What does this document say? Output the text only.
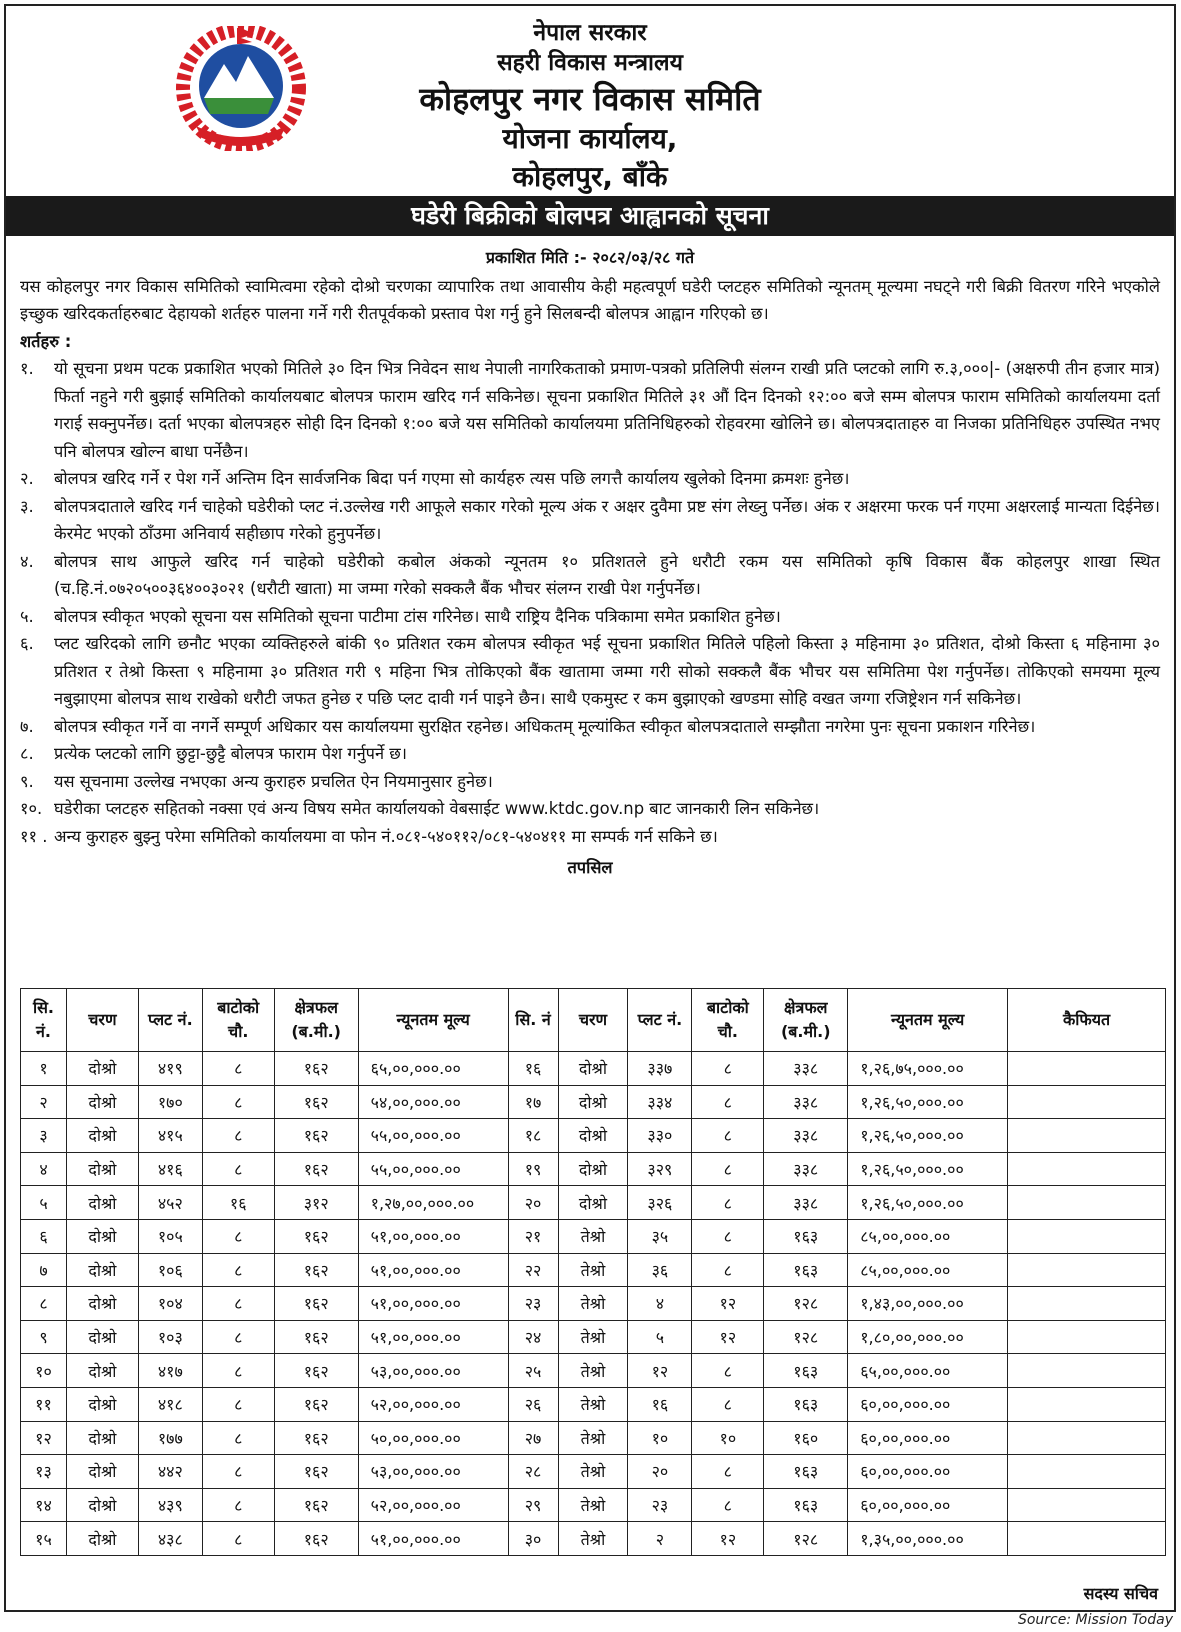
नेपाल सरकार
सहरी विकास मन्त्रालय
कोहलपुर नगर विकास समिति
योजना कार्यालय,
कोहलपुर, बाँके
घडेरी बिक्रीको बोलपत्र आह्वानको सूचना
प्रकाशित मिति :- २०८२/०३/२८ गते
यस कोहलपुर नगर विकास समितिको स्वामित्वमा रहेको दोश्रो चरणका व्यापारिक तथा आवासीय केही महत्वपूर्ण घडेरी प्लटहरु समितिको न्यूनतम् मूल्यमा नघट्ने गरी बिक्री वितरण गरिने भएकोले इच्छुक खरिदकर्ताहरुबाट देहायको शर्तहरु पालना गर्ने गरी रीतपूर्वकको प्रस्ताव पेश गर्नु हुने सिलबन्दी बोलपत्र आह्वान गरिएको छ।
शर्तहरु :
१.	यो सूचना प्रथम पटक प्रकाशित भएको मितिले ३० दिन भित्र निवेदन साथ नेपाली नागरिकताको प्रमाण-पत्रको प्रतिलिपी संलग्न राखी प्रति प्लटको लागि रु.३,०००|- (अक्षरुपी तीन हजार मात्र) फिर्ता नहुने गरी बुझाई समितिको कार्यालयबाट बोलपत्र फाराम खरिद गर्न सकिनेछ। सूचना प्रकाशित मितिले ३१ औं दिन दिनको १२:०० बजे सम्म बोलपत्र फाराम समितिको कार्यालयमा दर्ता गराई सक्नुपर्नेछ। दर्ता भएका बोलपत्रहरु सोही दिन दिनको १:०० बजे यस समितिको कार्यालयमा प्रतिनिधिहरुको रोहवरमा खोलिने छ। बोलपत्रदाताहरु वा निजका प्रतिनिधिहरु उपस्थित नभए पनि बोलपत्र खोल्न बाधा पर्नेछैन।
२.	बोलपत्र खरिद गर्ने र पेश गर्ने अन्तिम दिन सार्वजनिक बिदा पर्न गएमा सो कार्यहरु त्यस पछि लगत्तै कार्यालय खुलेको दिनमा क्रमशः हुनेछ।
३.	बोलपत्रदाताले खरिद गर्न चाहेको घडेरीको प्लट नं.उल्लेख गरी आफूले सकार गरेको मूल्य अंक र अक्षर दुवैमा प्रष्ट संग लेख्नु पर्नेछ। अंक र अक्षरमा फरक पर्न गएमा अक्षरलाई मान्यता दिईनेछ। केरमेट भएको ठाँउमा अनिवार्य सहीछाप गरेको हुनुपर्नेछ।
४.	बोलपत्र साथ आफुले खरिद गर्न चाहेको घडेरीको कबोल अंकको न्यूनतम १० प्रतिशतले हुने धरौटी रकम यस समितिको कृषि विकास बैंक कोहलपुर शाखा स्थित (च.हि.नं.०७२०५००३६४००३०२१ (धरौटी खाता) मा जम्मा गरेको सक्कलै बैंक भौचर संलग्न राखी पेश गर्नुपर्नेछ।
५.	बोलपत्र स्वीकृत भएको सूचना यस समितिको सूचना पाटीमा टांस गरिनेछ। साथै राष्ट्रिय दैनिक पत्रिकामा समेत प्रकाशित हुनेछ।
६.	प्लट खरिदको लागि छनौट भएका व्यक्तिहरुले बांकी ९० प्रतिशत रकम बोलपत्र स्वीकृत भई सूचना प्रकाशित मितिले पहिलो किस्ता ३ महिनामा ३० प्रतिशत, दोश्रो किस्ता ६ महिनामा ३० प्रतिशत र तेश्रो किस्ता ९ महिनामा ३० प्रतिशत गरी ९ महिना भित्र तोकिएको बैंक खातामा जम्मा गरी सोको सक्कलै बैंक भौचर यस समितिमा पेश गर्नुपर्नेछ। तोकिएको समयमा मूल्य नबुझाएमा बोलपत्र साथ राखेको धरौटी जफत हुनेछ र पछि प्लट दावी गर्न पाइने छैन। साथै एकमुस्ट र कम बुझाएको खण्डमा सोहि वखत जग्गा रजिष्ट्रेशन गर्न सकिनेछ।
७.	बोलपत्र स्वीकृत गर्ने वा नगर्ने सम्पूर्ण अधिकार यस कार्यालयमा सुरक्षित रहनेछ। अधिकतम् मूल्यांकित स्वीकृत बोलपत्रदाताले सम्झौता नगरेमा पुनः सूचना प्रकाशन गरिनेछ।
८.	प्रत्येक प्लटको लागि छुट्टा-छुट्टै बोलपत्र फाराम पेश गर्नुपर्ने छ।
९.	यस सूचनामा उल्लेख नभएका अन्य कुराहरु प्रचलित ऐन नियमानुसार हुनेछ।
१०. घडेरीका प्लटहरु सहितको नक्सा एवं अन्य विषय समेत कार्यालयको वेबसाईट www.ktdc.gov.np बाट जानकारी लिन सकिनेछ।
११ . अन्य कुराहरु बुझ्नु परेमा समितिको कार्यालयमा वा फोन नं.०८१-५४०११२/०८१-५४०४११ मा सम्पर्क गर्न सकिने छ।
तपसिल
सि. नं.	चरण	प्लट नं.	बाटोको चौ.	क्षेत्रफल (ब.मी.)	न्यूनतम मूल्य	सि. नं	चरण	प्लट नं.	बाटोको चौ.	क्षेत्रफल (ब.मी.)	न्यूनतम मूल्य	कैफियत
१	दोश्रो	४१९	८	१६२	६५,००,०००.००	१६	दोश्रो	३३७	८	३३८	१,२६,७५,०००.००	
२	दोश्रो	१७०	८	१६२	५४,००,०००.००	१७	दोश्रो	३३४	८	३३८	१,२६,५०,०००.००	
३	दोश्रो	४१५	८	१६२	५५,००,०००.००	१८	दोश्रो	३३०	८	३३८	१,२६,५०,०००.००	
४	दोश्रो	४१६	८	१६२	५५,००,०००.००	१९	दोश्रो	३२९	८	३३८	१,२६,५०,०००.००	
५	दोश्रो	४५२	१६	३१२	१,२७,००,०००.००	२०	दोश्रो	३२६	८	३३८	१,२६,५०,०००.००	
६	दोश्रो	१०५	८	१६२	५१,००,०००.००	२१	तेश्रो	३५	८	१६३	८५,००,०००.००	
७	दोश्रो	१०६	८	१६२	५१,००,०००.००	२२	तेश्रो	३६	८	१६३	८५,००,०००.००	
८	दोश्रो	१०४	८	१६२	५१,००,०००.००	२३	तेश्रो	४	१२	१२८	१,४३,००,०००.००	
९	दोश्रो	१०३	८	१६२	५१,००,०००.००	२४	तेश्रो	५	१२	१२८	१,८०,००,०००.००	
१०	दोश्रो	४१७	८	१६२	५३,००,०००.००	२५	तेश्रो	१२	८	१६३	६५,००,०००.००	
११	दोश्रो	४१८	८	१६२	५२,००,०००.००	२६	तेश्रो	१६	८	१६३	६०,००,०००.००	
१२	दोश्रो	१७७	८	१६२	५०,००,०००.००	२७	तेश्रो	१०	१०	१६०	६०,००,०००.००	
१३	दोश्रो	४४२	८	१६२	५३,००,०००.००	२८	तेश्रो	२०	८	१६३	६०,००,०००.००	
१४	दोश्रो	४३९	८	१६२	५२,००,०००.००	२९	तेश्रो	२३	८	१६३	६०,००,०००.००	
१५	दोश्रो	४३८	८	१६२	५१,००,०००.००	३०	तेश्रो	२	१२	१२८	१,३५,००,०००.००	
सदस्य सचिव
Source: Mission Today
